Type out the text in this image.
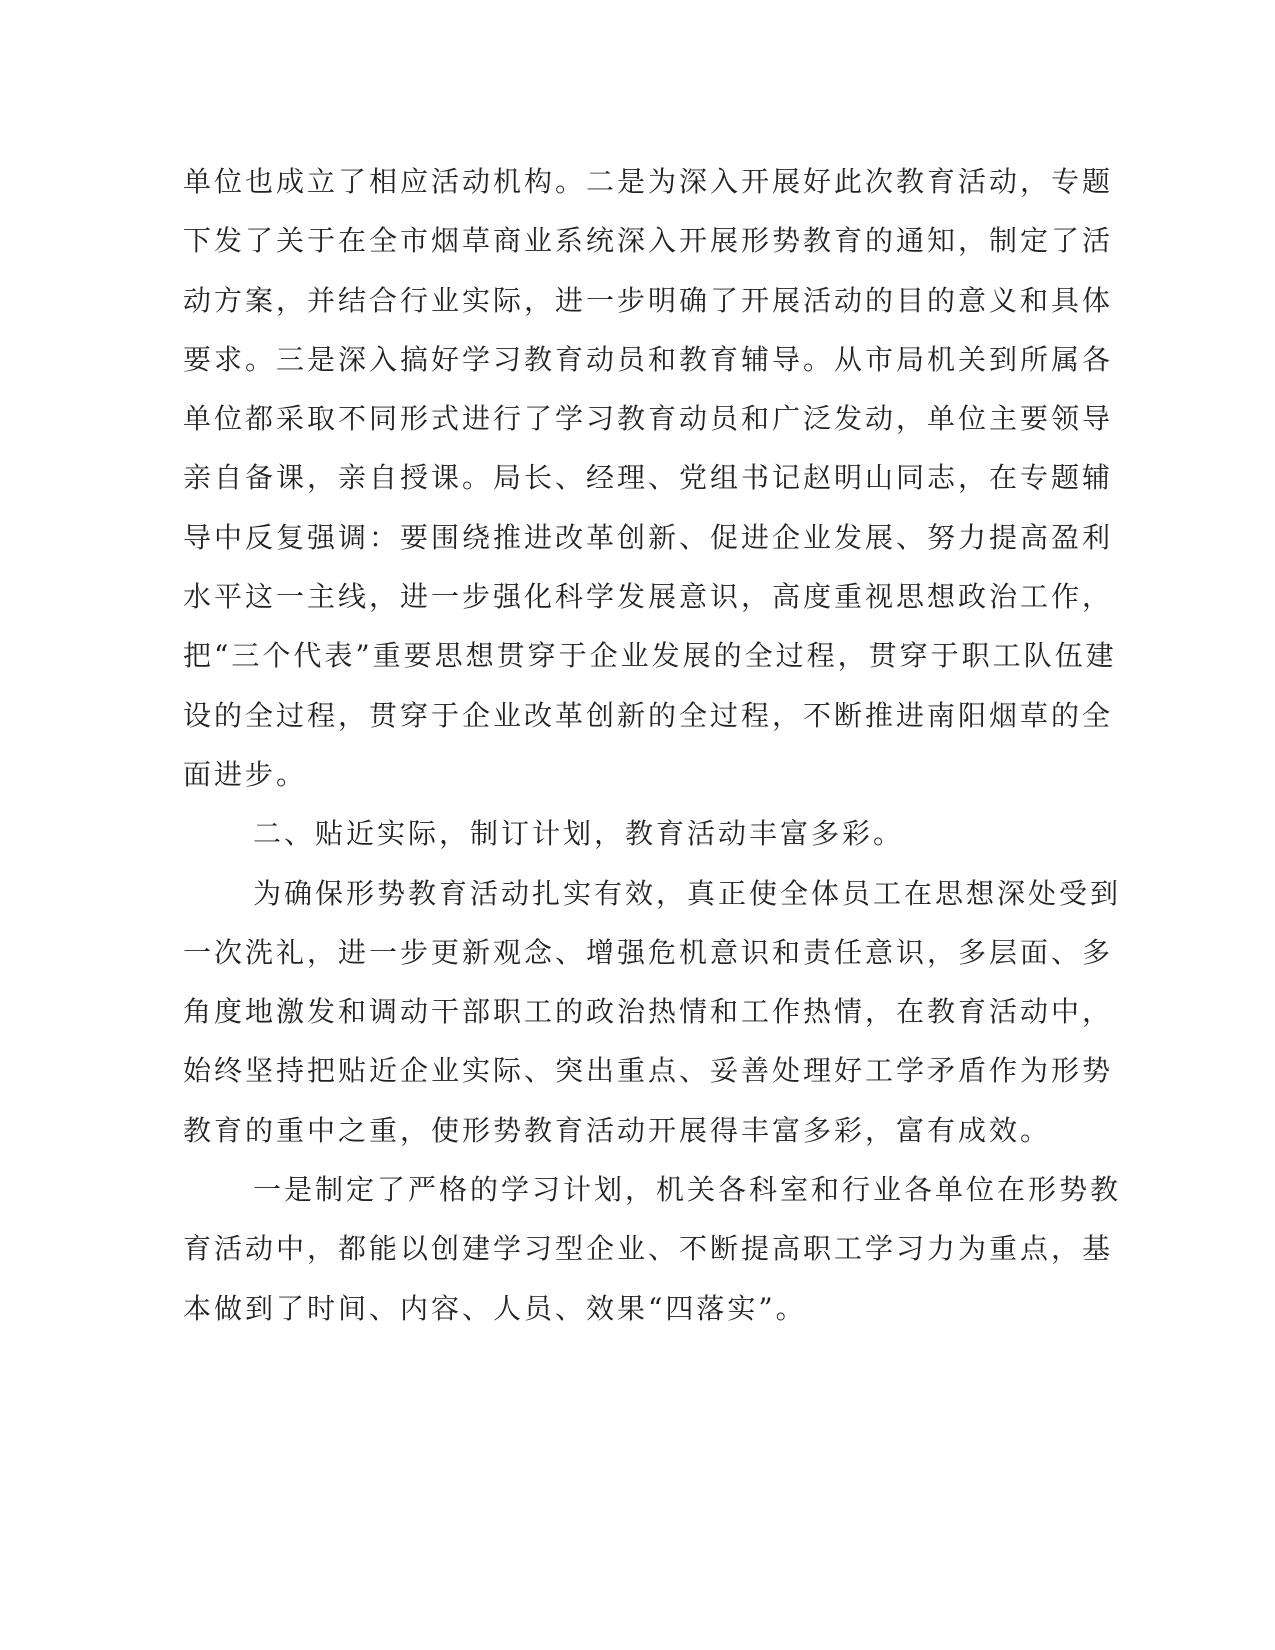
单位也成立了相应活动机构。二是为深入开展好此次教育活动，专题
下发了关于在全市烟草商业系统深入开展形势教育的通知，制定了活
动方案，并结合行业实际，进一步明确了开展活动的目的意义和具体
要求。三是深入搞好学习教育动员和教育辅导。从市局机关到所属各
单位都采取不同形式进行了学习教育动员和广泛发动，单位主要领导
亲自备课，亲自授课。局长、经理、党组书记赵明山同志，在专题辅
导中反复强调：要围绕推进改革创新、促进企业发展、努力提高盈利
水平这一主线，进一步强化科学发展意识，高度重视思想政治工作，
把“三个代表”重要思想贯穿于企业发展的全过程，贯穿于职工队伍建
设的全过程，贯穿于企业改革创新的全过程，不断推进南阳烟草的全
面进步。
二、贴近实际，制订计划，教育活动丰富多彩。
为确保形势教育活动扎实有效，真正使全体员工在思想深处受到
一次洗礼，进一步更新观念、增强危机意识和责任意识，多层面、多
角度地激发和调动干部职工的政治热情和工作热情，在教育活动中，
始终坚持把贴近企业实际、突出重点、妥善处理好工学矛盾作为形势
教育的重中之重，使形势教育活动开展得丰富多彩，富有成效。
一是制定了严格的学习计划，机关各科室和行业各单位在形势教
育活动中，都能以创建学习型企业、不断提高职工学习力为重点，基
本做到了时间、内容、人员、效果“四落实”。
